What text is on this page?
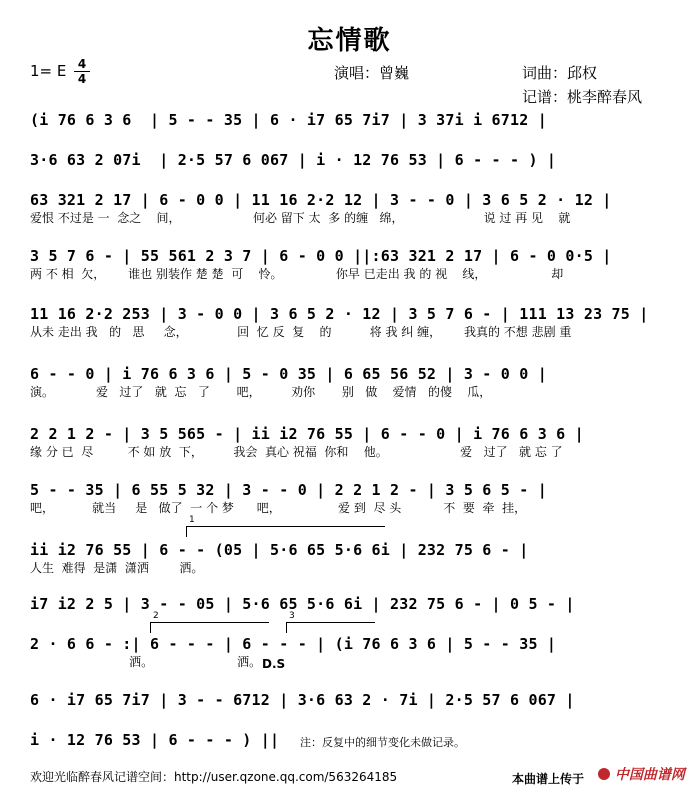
忘情歌
1= E 4
4	演唱：曾巍	词曲：邱权
记谱：桃李醉春风
(i 76 6 3 6  | 5 - - 35 | 6 · i7 65 7i7 | 3 37i i 6712 |
3·6 63 2 07i  | 2·5 57 6 067 | i · 12 76 53 | 6 - - - ) |
63 321 2 17 | 6 - 0 0 | 11 16 2·2 12 | 3 - - 0 | 3 6 5 2 · 12 |
爱恨 不过是 一  念之    间，                   何必 留下 太  多 的缠   绵，                     说 过 再 见    就
3 5 7 6 - | 55 561 2 3 7 | 6 - 0 0 ||:63 321 2 17 | 6 - 0 0·5 |
两 不 相  欠，      谁也 别装作 楚 楚  可    怜。              你早 已走出 我 的 视    线，                 却
11 16 2·2 253 | 3 - 0 0 | 3 6 5 2 · 12 | 3 5 7 6 - | 111 13 23 75 |
从未 走出 我   的   思     念，             回  忆 反  复    的          将 我 纠 缠，      我真的 不想 悲剧 重
6 - - 0 | i 76 6 3 6 | 5 - 0 35 | 6 65 56 52 | 3 - 0 0 |
演。           爱   过了   就  忘   了       吧，        劝你       别   做    爱情   的傻    瓜，
2 2 1 2 - | 3 5 565 - | ii i2 76 55 | 6 - - 0 | i 76 6 3 6 |
缘 分 已  尽         不 如 放  下，        我会  真心 祝福  你和    他。                   爱   过了   就 忘 了
5 - - 35 | 6 55 5 32 | 3 - - 0 | 2 2 1 2 - | 3 5 6 5 - |
吧，          就当     是   做了  一 个 梦      吧，               爱 到  尽 头           不  要  牵  挂，
1
ii i2 76 55 | 6 - - (05 | 5·6 65 5·6 6i | 232 75 6 - |
人生  难得  是潇  潇洒        洒。
i7 i2 2 5 | 3 - - 05 | 5·6 65 5·6 6i | 232 75 6 - | 0 5 - |
2	3
2 · 6 6 - :| 6 - - - | 6 - - - | (i 76 6 3 6 | 5 - - 35 |
洒。                      洒。 D.S
6 · i7 65 7i7 | 3 - - 6712 | 3·6 63 2 · 7i | 2·5 57 6 067 |
i · 12 76 53 | 6 - - - ) ||	注：反复中的细节变化未做记录。
欢迎光临醉春风记谱空间：http://user.qzone.qq.com/563264185	本曲谱上传于	中国曲谱网
